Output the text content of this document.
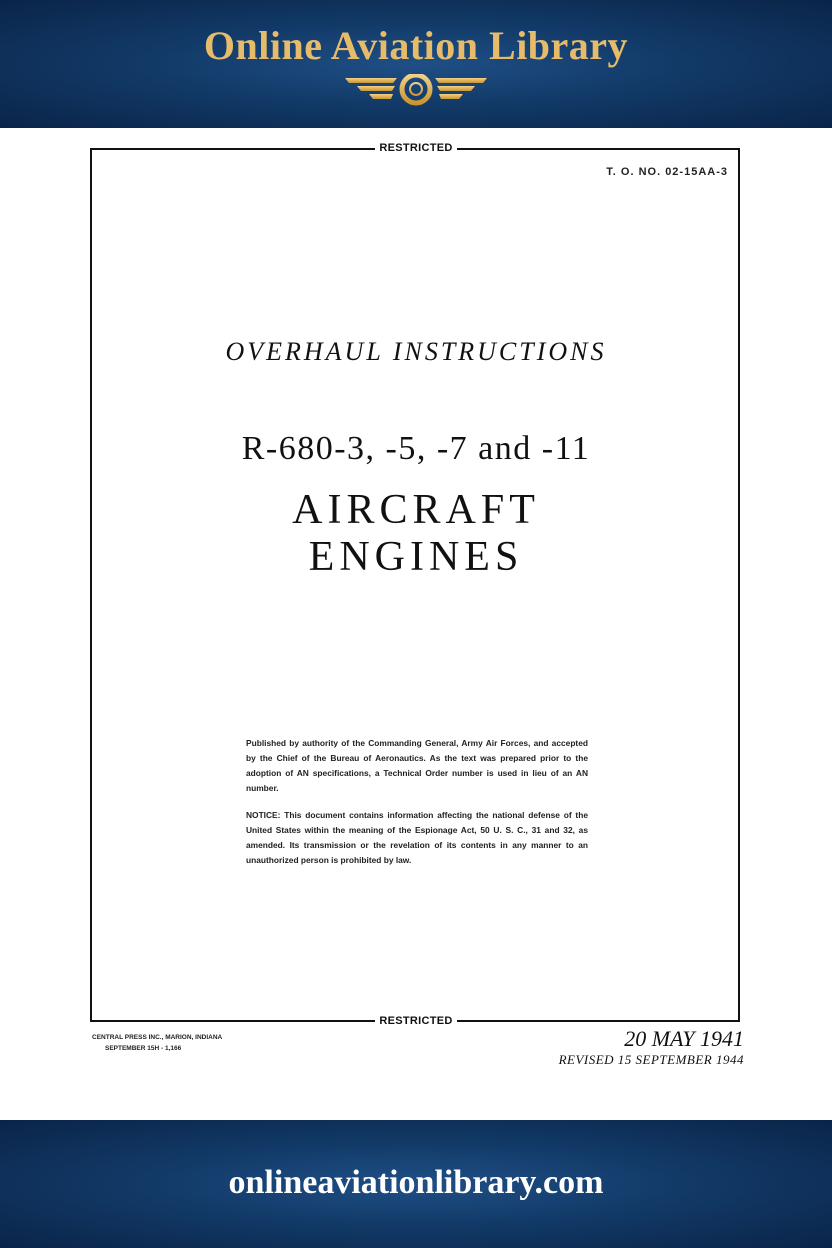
Online Aviation Library
RESTRICTED
T. O. NO. 02-15AA-3
OVERHAUL INSTRUCTIONS
R-680-3, -5, -7 and -11
AIRCRAFT
ENGINES
Published by authority of the Commanding General, Army Air Forces, and accepted by the Chief of the Bureau of Aeronautics. As the text was prepared prior to the adoption of AN specifications, a Technical Order number is used in lieu of an AN number.
NOTICE: This document contains information affecting the national defense of the United States within the meaning of the Espionage Act, 50 U. S. C., 31 and 32, as amended. Its transmission or the revelation of its contents in any manner to an unauthorized person is prohibited by law.
RESTRICTED
CENTRAL PRESS INC., MARION, INDIANA
SEPTEMBER 15H - 1,166	20 MAY 1941
REVISED 15 SEPTEMBER 1944
onlineaviationlibrary.com
